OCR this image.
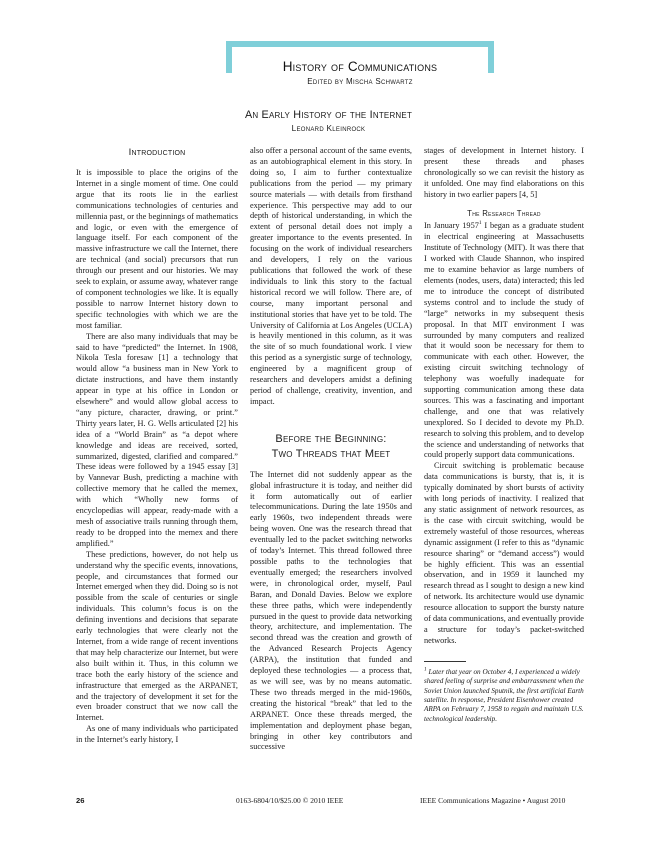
History of Communications
Edited by Mischa Schwartz
An Early History of the Internet
Leonard Kleinrock
Introduction

It is impossible to place the origins of the Internet in a single moment of time. One could argue that its roots lie in the earliest communications technologies of centuries and millennia past, or the beginnings of mathematics and logic, or even with the emergence of language itself. For each component of the massive infrastructure we call the Internet, there are technical (and social) precursors that run through our present and our histories. We may seek to explain, or assume away, whatever range of component technologies we like. It is equally possible to narrow Internet history down to specific technologies with which we are the most familiar.

There are also many individuals that may be said to have “predicted” the Internet. In 1908, Nikola Tesla foresaw [1] a technology that would allow “a business man in New York to dictate instructions, and have them instantly appear in type at his office in London or elsewhere” and would allow global access to “any picture, character, drawing, or print.” Thirty years later, H. G. Wells articulated [2] his idea of a “World Brain” as “a depot where knowledge and ideas are received, sorted, summarized, digested, clarified and compared.” These ideas were followed by a 1945 essay [3] by Vannevar Bush, predicting a machine with collective memory that he called the memex, with which “Wholly new forms of encyclopedias will appear, ready-made with a mesh of associative trails running through them, ready to be dropped into the memex and there amplified.”

These predictions, however, do not help us understand why the specific events, innovations, people, and circumstances that formed our Internet emerged when they did. Doing so is not possible from the scale of centuries or single individuals. This column’s focus is on the defining inventions and decisions that separate early technologies that were clearly not the Internet, from a wide range of recent inventions that may help characterize our Internet, but were also built within it. Thus, in this column we trace both the early history of the science and infrastructure that emerged as the ARPANET, and the trajectory of development it set for the even broader construct that we now call the Internet.

As one of many individuals who participated in the Internet’s early history, I

also offer a personal account of the same events, as an autobiographical element in this story. In doing so, I aim to further contextualize publications from the period — my primary source materials — with details from firsthand experience. This perspective may add to our depth of historical understanding, in which the extent of personal detail does not imply a greater importance to the events presented. In focusing on the work of individual researchers and developers, I rely on the various publications that followed the work of these individuals to link this story to the factual historical record we will follow. There are, of course, many important personal and institutional stories that have yet to be told. The University of California at Los Angeles (UCLA) is heavily mentioned in this column, as it was the site of so much foundational work. I view this period as a synergistic surge of technology, engineered by a magnificent group of researchers and developers amidst a defining period of challenge, creativity, invention, and impact.

Before the Beginning:
Two Threads that Meet

The Internet did not suddenly appear as the global infrastructure it is today, and neither did it form automatically out of earlier telecommunications. During the late 1950s and early 1960s, two independent threads were being woven. One was the research thread that eventually led to the packet switching networks of today’s Internet. This thread followed three possible paths to the technologies that eventually emerged; the researchers involved were, in chronological order, myself, Paul Baran, and Donald Davies. Below we explore these three paths, which were independently pursued in the quest to provide data networking theory, architecture, and implementation. The second thread was the creation and growth of the Advanced Research Projects Agency (ARPA), the institution that funded and deployed these technologies — a process that, as we will see, was by no means automatic. These two threads merged in the mid-1960s, creating the historical “break” that led to the ARPANET. Once these threads merged, the implementation and deployment phase began, bringing in other key contributors and successive

stages of development in Internet history. I present these threads and phases chronologically so we can revisit the history as it unfolded. One may find elaborations on this history in two earlier papers [4, 5]

The Research Thread

In January 1957$^1$ I began as a graduate student in electrical engineering at Massachusetts Institute of Technology (MIT). It was there that I worked with Claude Shannon, who inspired me to examine behavior as large numbers of elements (nodes, users, data) interacted; this led me to introduce the concept of distributed systems control and to include the study of “large” networks in my subsequent thesis proposal. In that MIT environment I was surrounded by many computers and realized that it would soon be necessary for them to communicate with each other. However, the existing circuit switching technology of telephony was woefully inadequate for supporting communication among these data sources. This was a fascinating and important challenge, and one that was relatively unexplored. So I decided to devote my Ph.D. research to solving this problem, and to develop the science and understanding of networks that could properly support data communications.

Circuit switching is problematic because data communications is bursty, that is, it is typically dominated by short bursts of activity with long periods of inactivity. I realized that any static assignment of network resources, as is the case with circuit switching, would be extremely wasteful of those resources, whereas dynamic assignment (I refer to this as “dynamic resource sharing” or “demand access”) would be highly efficient. This was an essential observation, and in 1959 it launched my research thread as I sought to design a new kind of network. Its architecture would use dynamic resource allocation to support the bursty nature of data communications, and eventually provide a structure for today’s packet-switched networks.

$^1$ Later that year on October 4, I experienced a widely shared feeling of surprise and embarrassment when the Soviet Union launched Sputnik, the first artificial Earth satellite. In response, President Eisenhower created ARPA on February 7, 1958 to regain and maintain U.S. technological leadership.
26	0163-6804/10/$25.00 © 2010 IEEE	IEEE Communications Magazine • August 2010
